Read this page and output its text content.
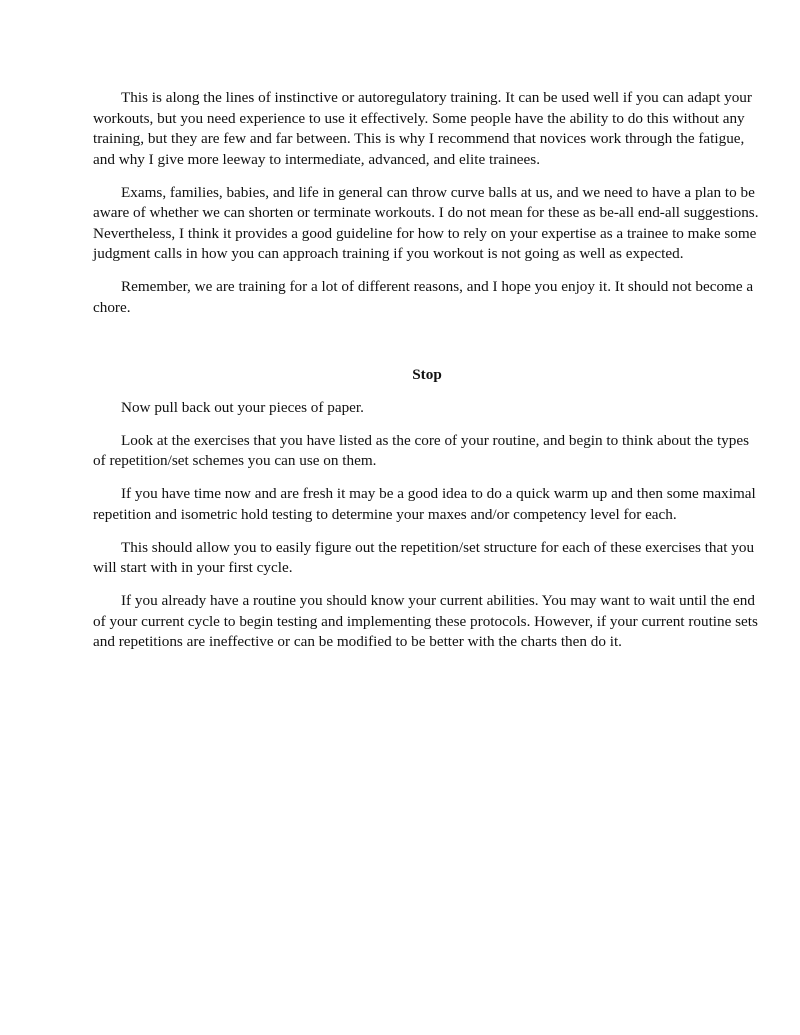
This is along the lines of instinctive or autoregulatory training. It can be used well if you can adapt your workouts, but you need experience to use it effectively. Some people have the ability to do this without any training, but they are few and far between. This is why I recommend that novices work through the fatigue, and why I give more leeway to intermediate, advanced, and elite trainees.

Exams, families, babies, and life in general can throw curve balls at us, and we need to have a plan to be aware of whether we can shorten or terminate workouts. I do not mean for these as be-all end-all suggestions. Nevertheless, I think it provides a good guideline for how to rely on your expertise as a trainee to make some judgment calls in how you can approach training if you workout is not going as well as expected.

Remember, we are training for a lot of different reasons, and I hope you enjoy it. It should not become a chore.

Stop

Now pull back out your pieces of paper.

Look at the exercises that you have listed as the core of your routine, and begin to think about the types of repetition/set schemes you can use on them.

If you have time now and are fresh it may be a good idea to do a quick warm up and then some maximal repetition and isometric hold testing to determine your maxes and/or competency level for each.

This should allow you to easily figure out the repetition/set structure for each of these exercises that you will start with in your first cycle.

If you already have a routine you should know your current abilities. You may want to wait until the end of your current cycle to begin testing and implementing these protocols. However, if your current routine sets and repetitions are ineffective or can be modified to be better with the charts then do it.
